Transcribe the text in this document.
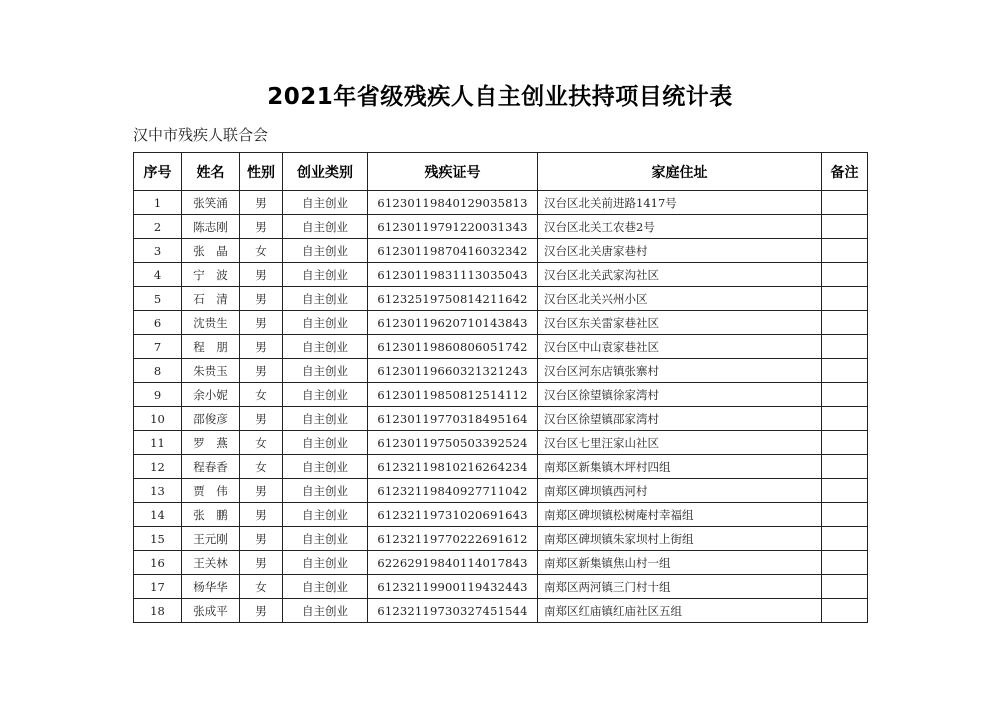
2021年省级残疾人自主创业扶持项目统计表
汉中市残疾人联合会
序号	姓名	性别	创业类别	残疾证号	家庭住址	备注
1	张笑涌	男	自主创业	61230119840129035813	汉台区北关前进路1417号	
2	陈志刚	男	自主创业	61230119791220031343	汉台区北关工农巷2号	
3	张　晶	女	自主创业	61230119870416032342	汉台区北关唐家巷村	
4	宁　波	男	自主创业	61230119831113035043	汉台区北关武家沟社区	
5	石　清	男	自主创业	61232519750814211642	汉台区北关兴州小区	
6	沈贵生	男	自主创业	61230119620710143843	汉台区东关雷家巷社区	
7	程　朋	男	自主创业	61230119860806051742	汉台区中山袁家巷社区	
8	朱贵玉	男	自主创业	61230119660321321243	汉台区河东店镇张寨村	
9	余小妮	女	自主创业	61230119850812514112	汉台区徐望镇徐家湾村	
10	邵俊彦	男	自主创业	61230119770318495164	汉台区徐望镇邵家湾村	
11	罗　燕	女	自主创业	61230119750503392524	汉台区七里汪家山社区	
12	程春香	女	自主创业	61232119810216264234	南郑区新集镇木坪村四组	
13	贾　伟	男	自主创业	61232119840927711042	南郑区碑坝镇西河村	
14	张　鹏	男	自主创业	61232119731020691643	南郑区碑坝镇松树庵村幸福组	
15	王元刚	男	自主创业	61232119770222691612	南郑区碑坝镇朱家坝村上街组	
16	王关林	男	自主创业	62262919840114017843	南郑区新集镇焦山村一组	
17	杨华华	女	自主创业	61232119900119432443	南郑区两河镇三门村十组	
18	张成平	男	自主创业	61232119730327451544	南郑区红庙镇红庙社区五组	
